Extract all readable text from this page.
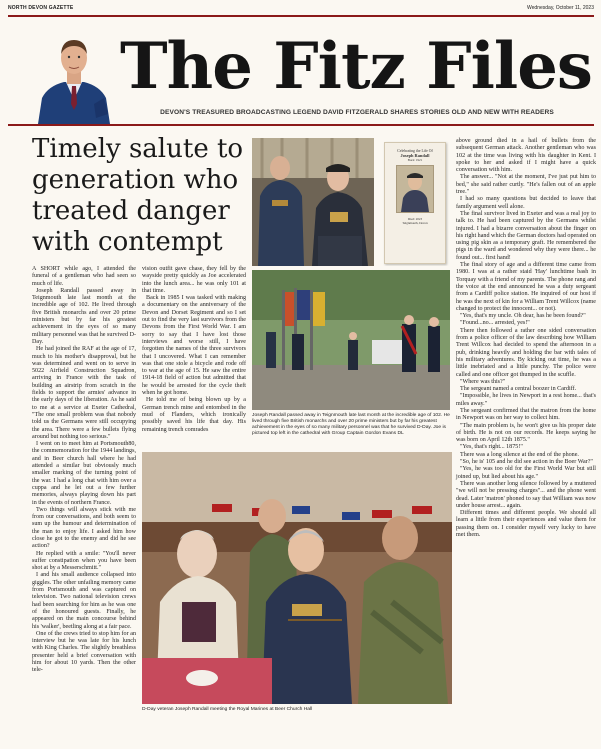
NORTH DEVON GAZETTE	Wednesday, October 11, 2023
The Fitz Files
DEVON'S TREASURED BROADCASTING LEGEND DAVID FITZGERALD SHARES STORIES OLD AND NEW WITH READERS
Timely salute to generation who treated danger with contempt

A SHORT while ago, I attended the funeral of a gentleman who had seen so much of life.

Joseph Randall passed away in Teignmouth late last month at the incredible age of 102. He lived through five British monarchs and over 20 prime ministers but by far his greatest achievement in the eyes of so many military personnel was that he survived D-Day.

He had joined the RAF at the age of 17, much to his mother's disapproval, but he was determined and went on to serve in 5022 Airfield Construction Squadron, arriving in France with the task of building an airstrip from scratch in the fields to support the armies' advance in the early days of the liberation. As he said to me at a service at Exeter Cathedral, "The one small problem was that nobody told us the Germans were still occupying the area. There were a few bullets flying around but nothing too serious."

I went on to meet him at Portsmouth80, the commemoration for the 1944 landings, and in Beer church hall where he had attended a similar but obviously much smaller marking of the turning point of the war. I had a long chat with him over a cuppa and he let out a few further memories, always playing down his part in the events of northern France.

Two things will always stick with me from our conversations, and both seem to sum up the humour and determination of the man to enjoy life. I asked him how close he got to the enemy and did he see action?

He replied with a smile: "You'll never suffer constipation when you have been shot at by a Messerschmitt."

I and his small audience collapsed into giggles. The other unfailing memory came from Portsmouth and was captured on television. Two national television crews had been searching for him as he was one of the honoured guests. Finally, he appeared on the main concourse behind his 'walker', beetling along at a fair pace.

One of the crews tried to stop him for an interview but he was late for his lunch with King Charles. The slightly breathless presenter held a brief conversation with him for about 10 yards. Then the other tele-

vision outfit gave chase, they fell by the wayside pretty quickly as Joe accelerated into the lunch area... he was only 101 at that time.

Back in 1985 I was tasked with making a documentary on the anniversary of the Devon and Dorset Regiment and so I set out to find the very last survivors from the Devons from the First World War. I am sorry to say that I have lost those interviews and worse still, I have forgotten the names of the three survivors that I uncovered. What I can remember was that one stole a bicycle and rode off to war at the age of 15. He saw the entire 1914-18 field of action but admitted that he would be arrested for the cycle theft when he got home.

He told me of being blown up by a German trench mine and entombed in the mud of Flanders, which ironically possibly saved his life that day. His remaining trench comrades

Celebrating the Life Of
Joseph Randall
Born: 1921
Died: 2023
Teignmouth, Devon
Joseph Randall passed away in Teignmouth late last month at the incredible age of 102. He lived through five British monarchs and over 20 prime ministers but by far his greatest achievement in the eyes of so many military personnel was that he survived D-Day. Joe is pictured top left in the cathedral with Group Captain Gordon Evans DL
D-Day veteran Joseph Randall meeting the Royal Marines at Beer Church Hall

above ground died in a hail of bullets from the subsequent German attack. Another gentleman who was 102 at the time was living with his daughter in Kent. I spoke to her and asked if I might have a quick conversation with him.

The answer... "Not at the moment, I've just put him to bed," she said rather curtly. "He's fallen out of an apple tree."

I had so many questions but decided to leave that family argument well alone.

The final survivor lived in Exeter and was a real joy to talk to. He had been captured by the Germans whilst injured. I had a bizarre conversation about the finger on his right hand which the German doctors had operated on using pig skin as a temporary graft. He remembered the pigs in the ward and wondered why they were there... he found out... first hand!

The final story of age and a different time came from 1980. I was at a rather staid 'Hay' lunchtime bash in Torquay with a friend of my parents. The phone rang and the voice at the end announced he was a duty sergeant from a Cardiff police station. He inquired of our host if he was the next of kin for a William Trent Willcox (name changed to protect the innocent... or not).

"Yes, that's my uncle. Oh dear, has he been found?"

"Found...no... arrested, yes!"

There then followed a rather one sided conversation from a police officer of the law describing how William Trent Willcox had decided to spend the afternoon in a pub, drinking heavily and holding the bar with tales of his military adventures. By kicking out time, he was a little inebriated and a little punchy. The police were called and one officer got thumped in the scuffle.

"Where was this?"

The sergeant named a central boozer in Cardiff.

"Impossible, he lives in Newport in a rest home... that's miles away."

The sergeant confirmed that the matron from the home in Newport was on her way to collect him.

"The main problem is, he won't give us his proper date of birth. He is not on our records. He keeps saying he was born on April 12th 1875."

"Yes, that's right... 1875!"

There was a long silence at the end of the phone.

"So, he is' 105 and he did see action in the Boer War?"

"Yes, he was too old for the First World War but still joined up, but lied about his age."

There was another long silence followed by a muttered "we will not be pressing charges"... and the phone went dead. Later 'matron' phoned to say that William was now under house arrest... again.

Different times and different people. We should all learn a little from their experiences and value them for passing them on. I consider myself very lucky to have met them.
